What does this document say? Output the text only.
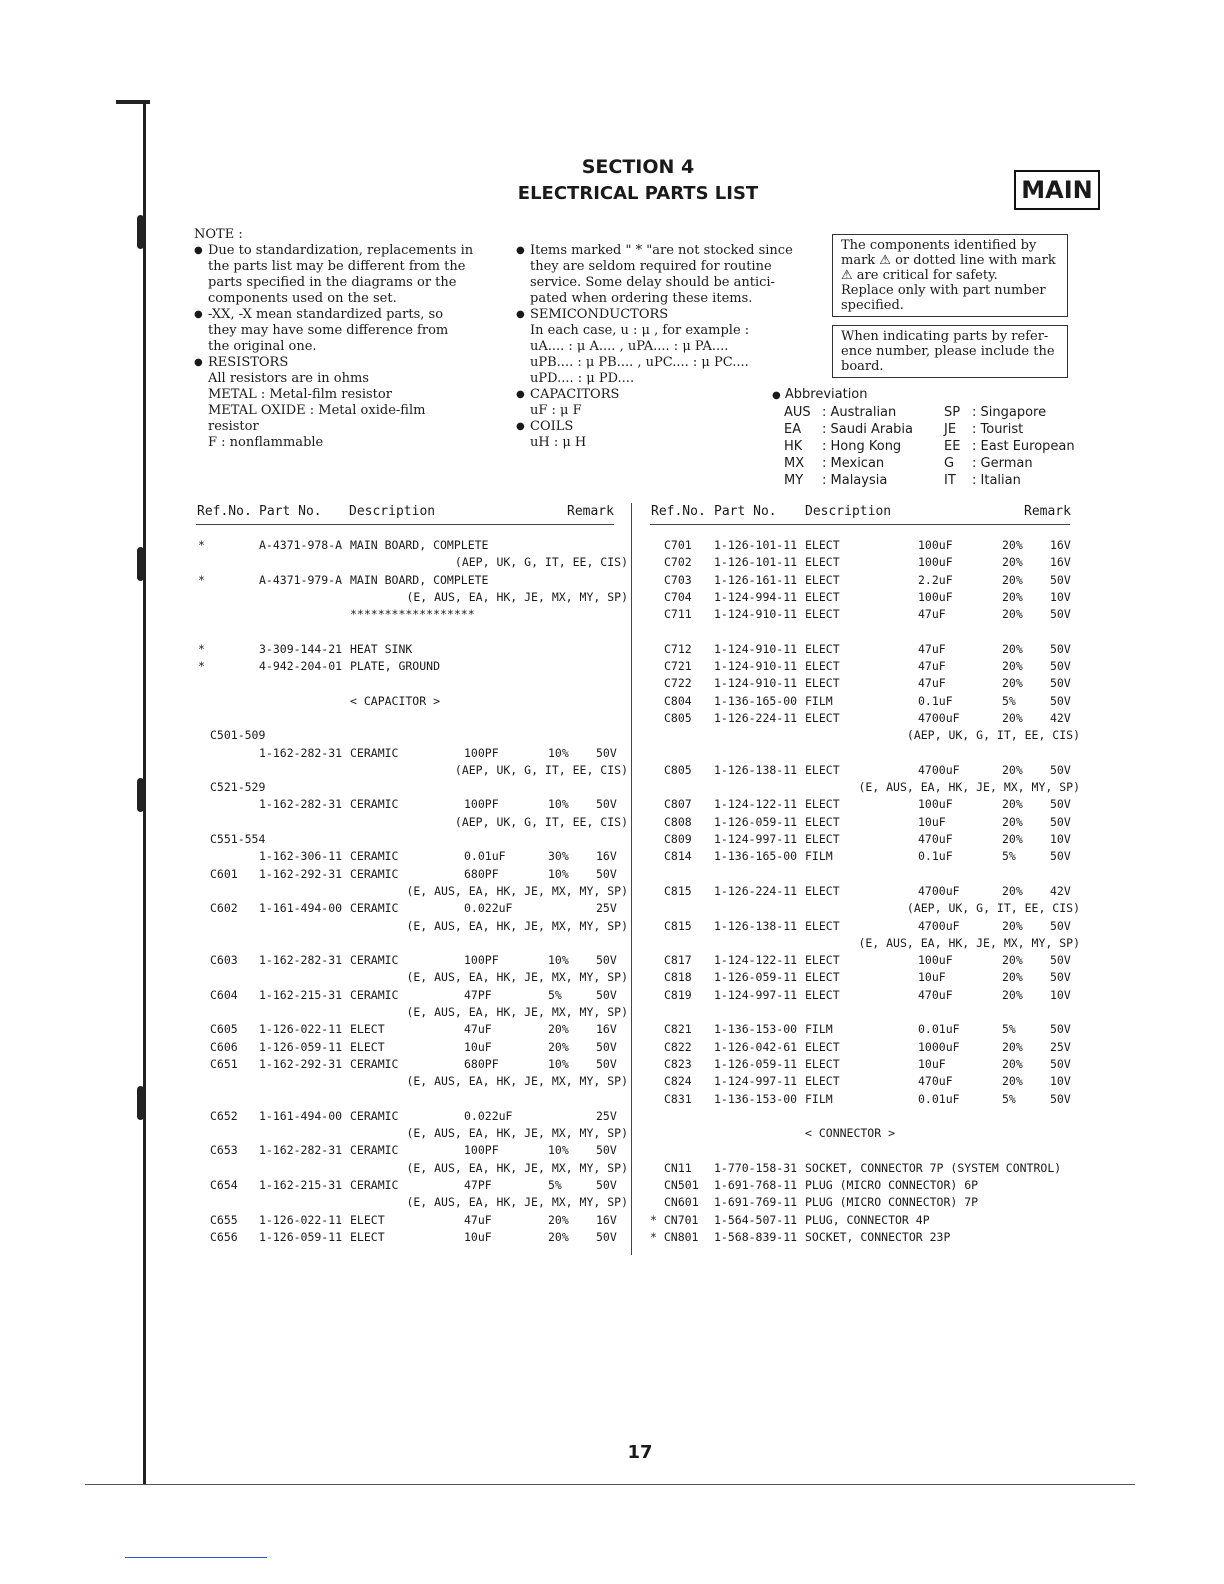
SECTION 4
ELECTRICAL PARTS LIST	MAIN

NOTE :

● Due to standardization, replacements in

the parts list may be different from the

parts specified in the diagrams or the

components used on the set.

● -XX, -X mean standardized parts, so

they may have some difference from

the original one.

● RESISTORS

All resistors are in ohms

METAL : Metal-film resistor

METAL OXIDE : Metal oxide-film resistor

F : nonflammable

● Items marked " * "are not stocked since

they are seldom required for routine

service. Some delay should be antici-

pated when ordering these items.

● SEMICONDUCTORS

In each case, u : μ , for example :

uA.... : μ A.... , uPA.... : μ PA....

uPB.... : μ PB.... , uPC.... : μ PC....

uPD.... : μ PD....

● CAPACITORS

uF : μ F

● COILS

uH : μ H

The components identified by
mark ⚠ or dotted line with mark
⚠ are critical for safety.
Replace only with part number
specified.
When indicating parts by refer-
ence number, please include the
board.
● Abbreviation
AUS	: Australian	SP	: Singapore
EA	: Saudi Arabia	JE	: Tourist
HK	: Hong Kong	EE	: East European
MX	: Mexican	G	: German
MY	: Malaysia	IT	: Italian
Ref.No. Part No. Description	Remark	Ref.No. Part No. Description	Remark
*	A-4371-978-A MAIN BOARD, COMPLETE
(AEP, UK, G, IT, EE, CIS)
*	A-4371-979-A MAIN BOARD, COMPLETE
(E, AUS, EA, HK, JE, MX, MY, SP)
******************
*	3-309-144-21 HEAT SINK
*	4-942-204-01 PLATE, GROUND
< CAPACITOR >
C501-509
1-162-282-31 CERAMIC	100PF	10% 50V
(AEP, UK, G, IT, EE, CIS)
C521-529
1-162-282-31 CERAMIC	100PF	10% 50V
(AEP, UK, G, IT, EE, CIS)
C551-554
1-162-306-11 CERAMIC	0.01uF	30% 16V
C601 1-162-292-31 CERAMIC	680PF	10% 50V
(E, AUS, EA, HK, JE, MX, MY, SP)
C602 1-161-494-00 CERAMIC	0.022uF	25V
(E, AUS, EA, HK, JE, MX, MY, SP)
C603 1-162-282-31 CERAMIC	100PF	10% 50V
(E, AUS, EA, HK, JE, MX, MY, SP)
C604 1-162-215-31 CERAMIC	47PF	5%	50V
(E, AUS, EA, HK, JE, MX, MY, SP)
C605 1-126-022-11 ELECT	47uF	20% 16V
C606 1-126-059-11 ELECT	10uF	20% 50V
C651 1-162-292-31 CERAMIC	680PF	10% 50V
(E, AUS, EA, HK, JE, MX, MY, SP)
C652 1-161-494-00 CERAMIC	0.022uF	25V
(E, AUS, EA, HK, JE, MX, MY, SP)
C653 1-162-282-31 CERAMIC	100PF	10% 50V
(E, AUS, EA, HK, JE, MX, MY, SP)
C654 1-162-215-31 CERAMIC	47PF	5%	50V
(E, AUS, EA, HK, JE, MX, MY, SP)
C655 1-126-022-11 ELECT	47uF	20% 16V
C656 1-126-059-11 ELECT	10uF	20% 50V
C701 1-126-101-11 ELECT	100uF	20% 16V
C702 1-126-101-11 ELECT	100uF	20% 16V
C703 1-126-161-11 ELECT	2.2uF	20% 50V
C704 1-124-994-11 ELECT	100uF	20% 10V
C711 1-124-910-11 ELECT	47uF	20% 50V
C712 1-124-910-11 ELECT	47uF	20% 50V
C721 1-124-910-11 ELECT	47uF	20% 50V
C722 1-124-910-11 ELECT	47uF	20% 50V
C804 1-136-165-00 FILM	0.1uF	5%	50V
C805 1-126-224-11 ELECT	4700uF	20% 42V
(AEP, UK, G, IT, EE, CIS)
C805 1-126-138-11 ELECT	4700uF	20% 50V
(E, AUS, EA, HK, JE, MX, MY, SP)
C807 1-124-122-11 ELECT	100uF	20% 50V
C808 1-126-059-11 ELECT	10uF	20% 50V
C809 1-124-997-11 ELECT	470uF	20% 10V
C814 1-136-165-00 FILM	0.1uF	5%	50V
C815 1-126-224-11 ELECT	4700uF	20% 42V
(AEP, UK, G, IT, EE, CIS)
C815 1-126-138-11 ELECT	4700uF	20% 50V
(E, AUS, EA, HK, JE, MX, MY, SP)
C817 1-124-122-11 ELECT	100uF	20% 50V
C818 1-126-059-11 ELECT	10uF	20% 50V
C819 1-124-997-11 ELECT	470uF	20% 10V
C821 1-136-153-00 FILM	0.01uF	5%	50V
C822 1-126-042-61 ELECT	1000uF	20% 25V
C823 1-126-059-11 ELECT	10uF	20% 50V
C824 1-124-997-11 ELECT	470uF	20% 10V
C831 1-136-153-00 FILM	0.01uF	5%	50V
< CONNECTOR >
CN11 1-770-158-31 SOCKET, CONNECTOR 7P (SYSTEM CONTROL)
CN501 1-691-768-11 PLUG (MICRO CONNECTOR) 6P
CN601 1-691-769-11 PLUG (MICRO CONNECTOR) 7P
* CN701 1-564-507-11 PLUG, CONNECTOR 4P
* CN801 1-568-839-11 SOCKET, CONNECTOR 23P
17
